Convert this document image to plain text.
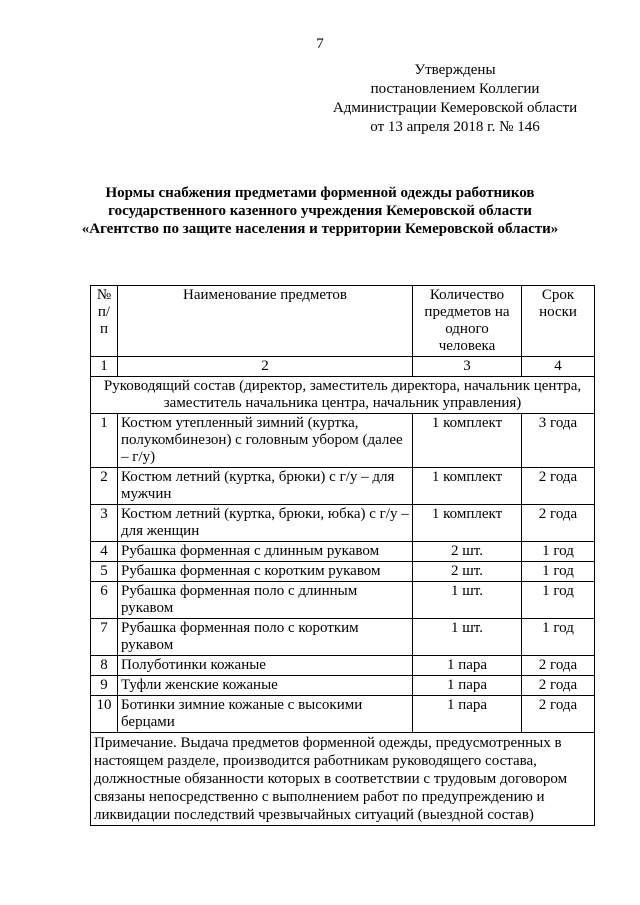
7
Утверждены
постановлением Коллегии
Администрации Кемеровской области
от 13 апреля 2018 г. № 146
Нормы снабжения предметами форменной одежды работников
государственного казенного учреждения Кемеровской области
«Агентство по защите населения и территории Кемеровской области»
№ п/п	Наименование предметов	Количество предметов на одного человека	Срок носки
1	2	3	4
Руководящий состав (директор, заместитель директора, начальник центра, заместитель начальника центра, начальник управления)			
1	Костюм утепленный зимний (куртка, полукомбинезон) с головным убором (далее – г/у)	1 комплект	3 года
2	Костюм летний (куртка, брюки) с г/у – для мужчин	1 комплект	2 года
3	Костюм летний (куртка, брюки, юбка) с г/у – для женщин	1 комплект	2 года
4	Рубашка форменная с длинным рукавом	2 шт.	1 год
5	Рубашка форменная с коротким рукавом	2 шт.	1 год
6	Рубашка форменная поло с длинным рукавом	1 шт.	1 год
7	Рубашка форменная поло с коротким рукавом	1 шт.	1 год
8	Полуботинки кожаные	1 пара	2 года
9	Туфли женские кожаные	1 пара	2 года
10	Ботинки зимние кожаные с высокими берцами	1 пара	2 года
Примечание. Выдача предметов форменной одежды, предусмотренных в настоящем разделе, производится работникам руководящего состава, должностные обязанности которых в соответствии с трудовым договором связаны непосредственно с выполнением работ по предупреждению и ликвидации последствий чрезвычайных ситуаций (выездной состав)			
